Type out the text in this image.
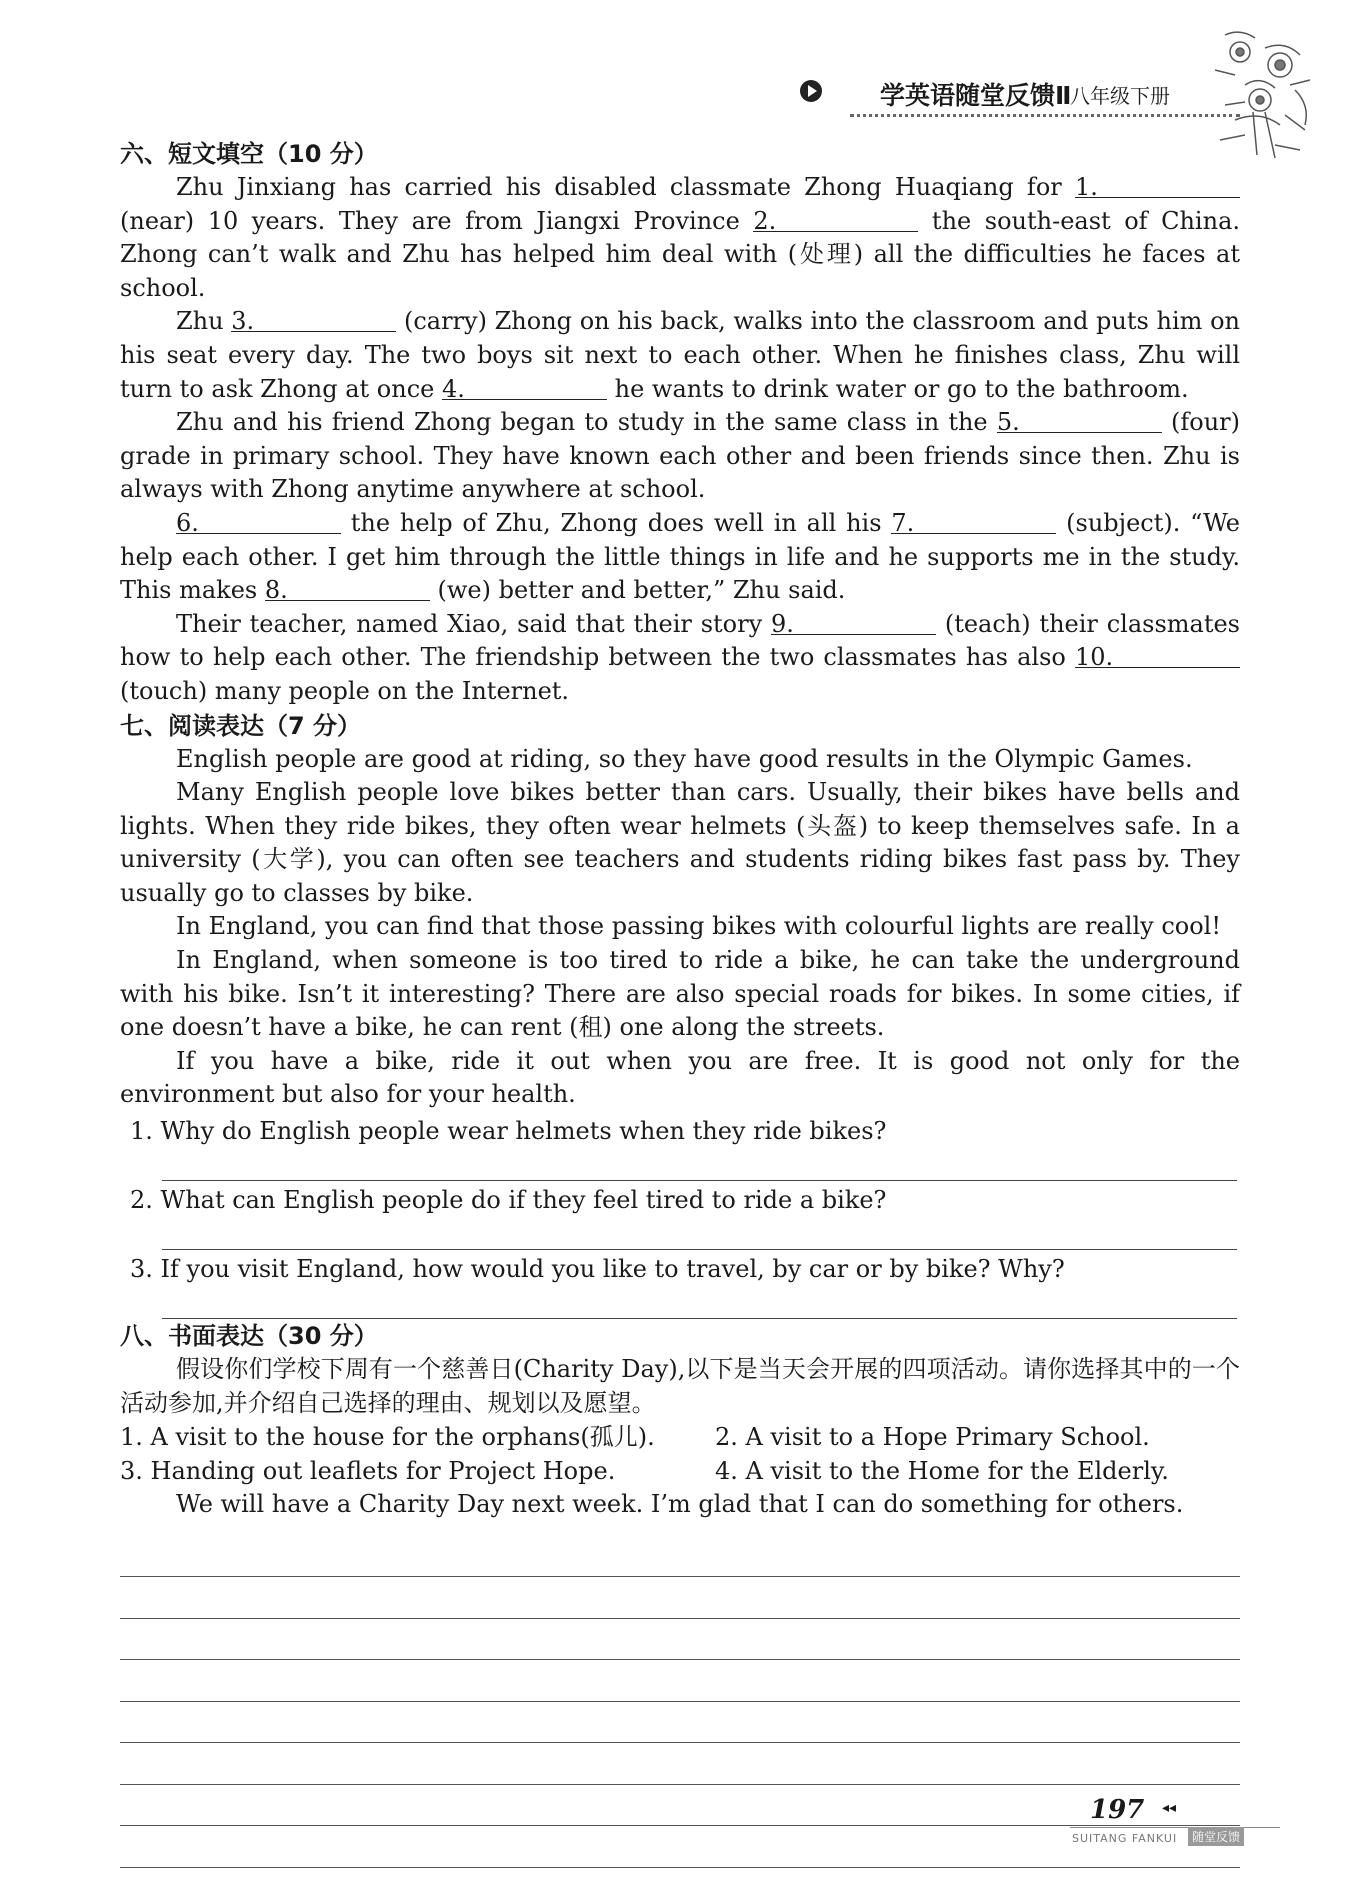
学英语随堂反馈Ⅱ
八年级下册
六、短文填空（10 分）

Zhu Jinxiang has carried his disabled classmate Zhong Huaqiang for 1. (near) 10 years. They are from Jiangxi Province 2.	the south-east of China. Zhong can’t walk and Zhu has helped him deal with (处理) all the difficulties he faces at school.

Zhu 3.	(carry) Zhong on his back, walks into the classroom and puts him on his seat every day. The two boys sit next to each other. When he finishes class, Zhu will turn to ask Zhong at once 4.	he wants to drink water or go to the bathroom.

Zhu and his friend Zhong began to study in the same class in the 5.	(four) grade in primary school. They have known each other and been friends since then. Zhu is always with Zhong anytime anywhere at school.

6.	the help of Zhu, Zhong does well in all his 7.	(subject). “We help each other. I get him through the little things in life and he supports me in the study. This makes 8.	(we) better and better,” Zhu said.

Their teacher, named Xiao, said that their story 9.	(teach) their classmates how to help each other. The friendship between the two classmates has also 10. (touch) many people on the Internet.

七、阅读表达（7 分）

English people are good at riding, so they have good results in the Olympic Games.

Many English people love bikes better than cars. Usually, their bikes have bells and lights. When they ride bikes, they often wear helmets (头盔) to keep themselves safe. In a university (大学), you can often see teachers and students riding bikes fast pass by. They usually go to classes by bike.

In England, you can find that those passing bikes with colourful lights are really cool!

In England, when someone is too tired to ride a bike, he can take the underground with his bike. Isn’t it interesting? There are also special roads for bikes. In some cities, if one doesn’t have a bike, he can rent (租) one along the streets.

If you have a bike, ride it out when you are free. It is good not only for the environment but also for your health.

1. Why do English people wear helmets when they ride bikes?
2. What can English people do if they feel tired to ride a bike?
3. If you visit England, how would you like to travel, by car or by bike? Why?
八、书面表达（30 分）

假设你们学校下周有一个慈善日(Charity Day),以下是当天会开展的四项活动。请你选择其中的一个活动参加,并介绍自己选择的理由、规划以及愿望。

1. A visit to the house for the orphans(孤儿).	2. A visit to a Hope Primary School.
3. Handing out leaflets for Project Hope.	4. A visit to the Home for the Elderly.

We will have a Charity Day next week. I’m glad that I can do something for others.

197 ◂◂
SUITANG FANKUI	随堂反馈
